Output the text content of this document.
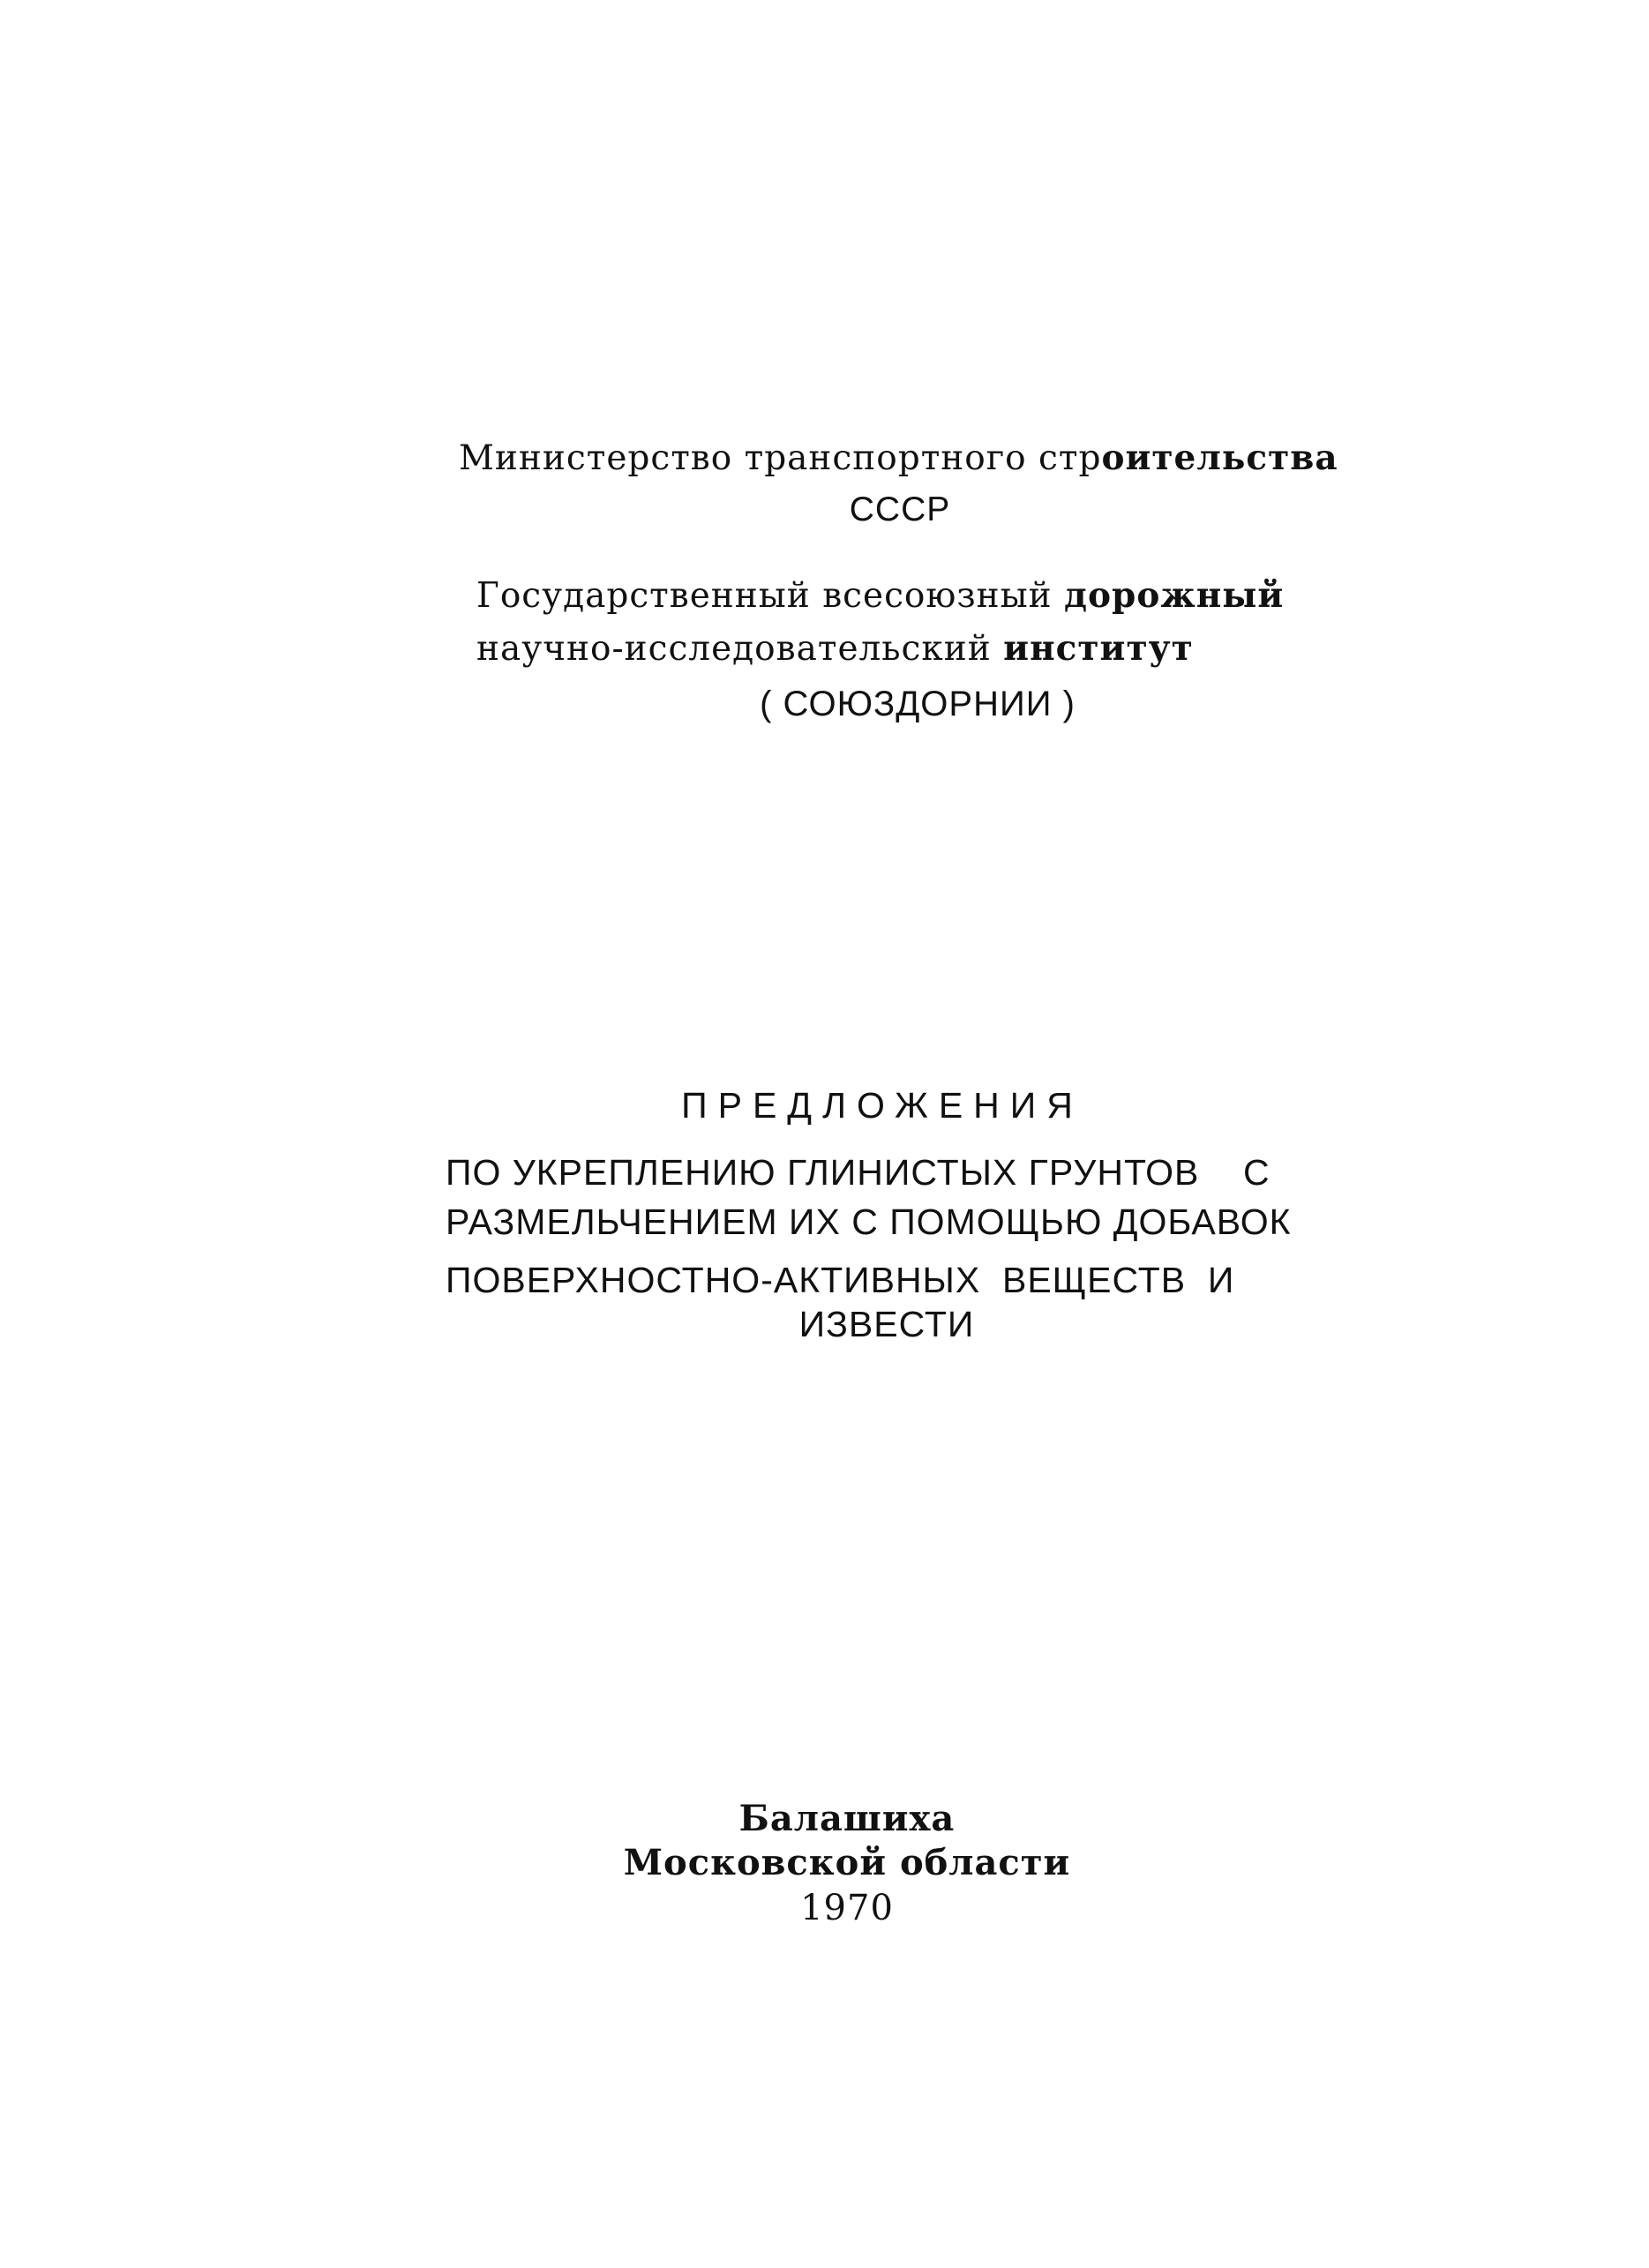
Министерство транспортного строительства
СССР
Государственный всесоюзный дорожный
научно-исследовательский институт
( СОЮЗДОРНИИ )
ПРЕДЛОЖЕНИЯ
ПО УКРЕПЛЕНИЮ ГЛИНИСТЫХ ГРУНТОВ    С
РАЗМЕЛЬЧЕНИЕМ ИХ С ПОМОЩЬЮ ДОБАВОК
ПОВЕРХНОСТНО-АКТИВНЫХ  ВЕЩЕСТВ  И
ИЗВЕСТИ
Балашиха
Московской области
1970
